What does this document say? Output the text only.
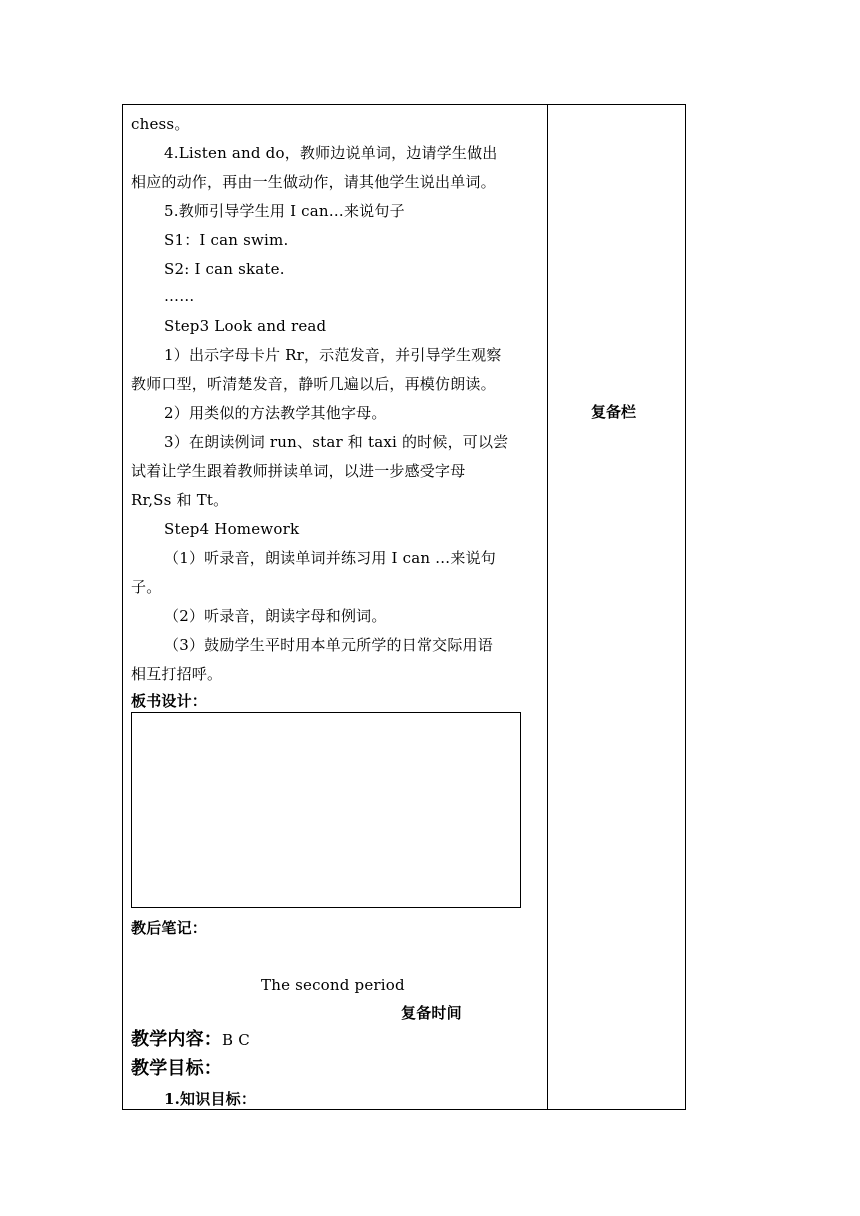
chess。
4.Listen and do，教师边说单词，边请学生做出
相应的动作，再由一生做动作，请其他学生说出单词。
5.教师引导学生用 I can…来说句子
S1：I can swim.
S2: I can skate.
……
Step3 Look and read
1）出示字母卡片 Rr，示范发音，并引导学生观察
教师口型，听清楚发音，静听几遍以后，再模仿朗读。
2）用类似的方法教学其他字母。
3）在朗读例词 run、star 和 taxi 的时候，可以尝
试着让学生跟着教师拼读单词，以进一步感受字母
Rr,Ss 和 Tt。
Step4 Homework
（1）听录音，朗读单词并练习用 I can …来说句
子。
（2）听录音，朗读字母和例词。
（3）鼓励学生平时用本单元所学的日常交际用语
相互打招呼。
板书设计：
教后笔记：
The second period
复备时间
教学内容：B C
教学目标：
1.知识目标：
复备栏
